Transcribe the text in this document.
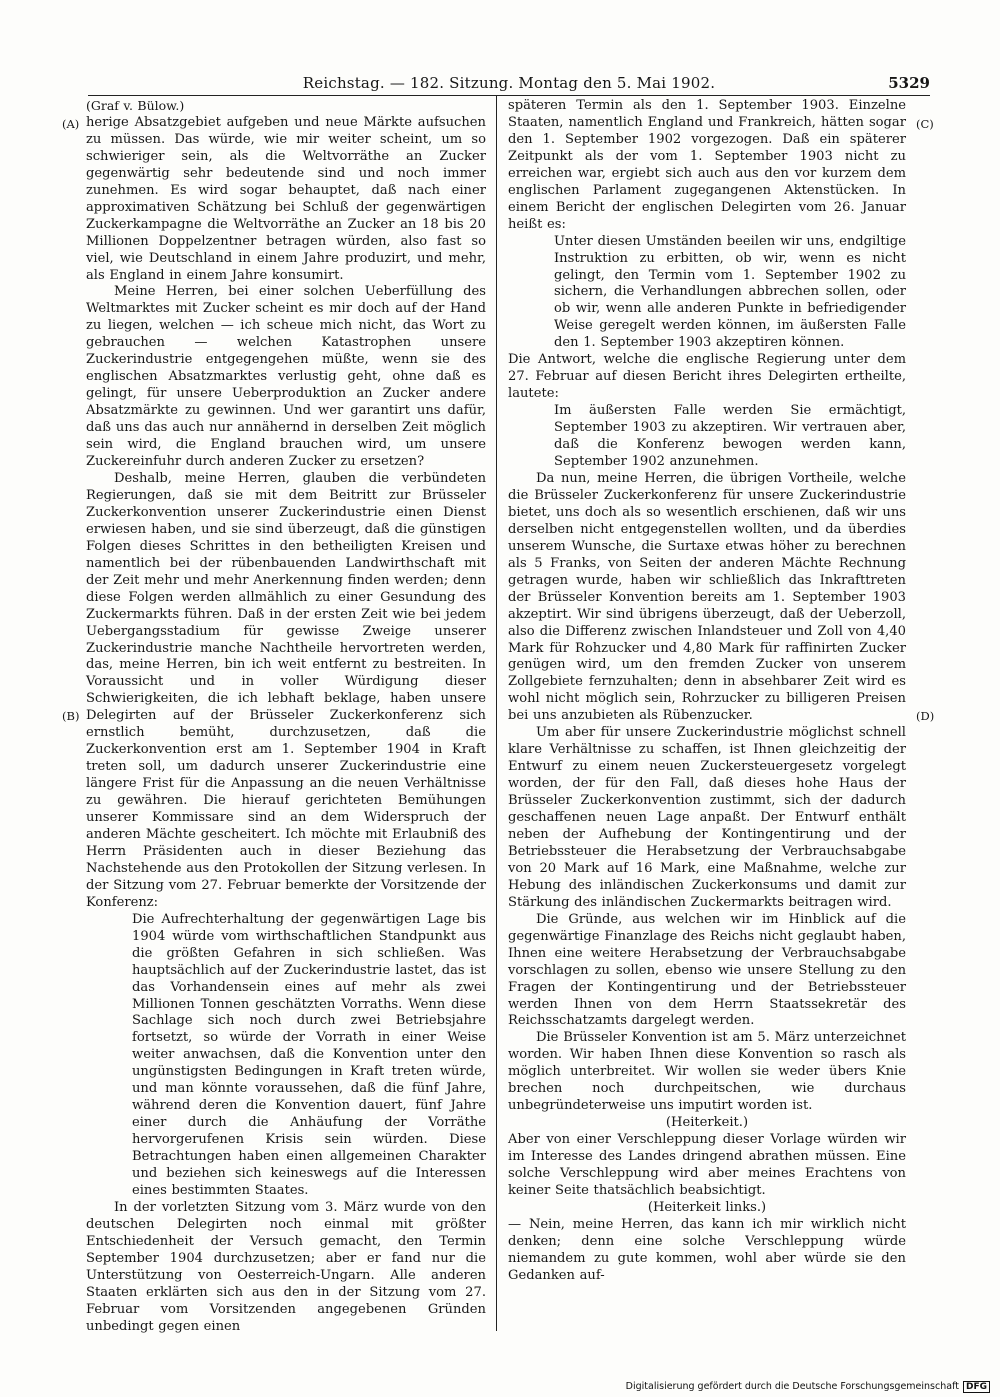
Reichstag. — 182. Sitzung. Montag den 5. Mai 1902.	5329
(A)
(B)
(C)
(D)

(Graf v. Bülow.)

herige Absatzgebiet aufgeben und neue Märkte aufsuchen zu müssen. Das würde, wie mir weiter scheint, um so schwieriger sein, als die Weltvorräthe an Zucker gegenwärtig sehr bedeutende sind und noch immer zunehmen. Es wird sogar behauptet, daß nach einer approximativen Schätzung bei Schluß der gegenwärtigen Zuckerkampagne die Weltvorräthe an Zucker an 18 bis 20 Millionen Doppelzentner betragen würden, also fast so viel, wie Deutschland in einem Jahre produzirt, und mehr, als England in einem Jahre konsumirt.

Meine Herren, bei einer solchen Ueberfüllung des Weltmarktes mit Zucker scheint es mir doch auf der Hand zu liegen, welchen — ich scheue mich nicht, das Wort zu gebrauchen — welchen Katastrophen unsere Zuckerindustrie entgegengehen müßte, wenn sie des englischen Absatzmarktes verlustig geht, ohne daß es gelingt, für unsere Ueberproduktion an Zucker andere Absatzmärkte zu gewinnen. Und wer garantirt uns dafür, daß uns das auch nur annähernd in derselben Zeit möglich sein wird, die England brauchen wird, um unsere Zuckereinfuhr durch anderen Zucker zu ersetzen?

Deshalb, meine Herren, glauben die verbündeten Regierungen, daß sie mit dem Beitritt zur Brüsseler Zuckerkonvention unserer Zuckerindustrie einen Dienst erwiesen haben, und sie sind überzeugt, daß die günstigen Folgen dieses Schrittes in den betheiligten Kreisen und namentlich bei der rübenbauenden Landwirthschaft mit der Zeit mehr und mehr Anerkennung finden werden; denn diese Folgen werden allmählich zu einer Gesundung des Zuckermarkts führen. Daß in der ersten Zeit wie bei jedem Uebergangsstadium für gewisse Zweige unserer Zuckerindustrie manche Nachtheile hervortreten werden, das, meine Herren, bin ich weit entfernt zu bestreiten. In Voraussicht und in voller Würdigung dieser Schwierigkeiten, die ich lebhaft beklage, haben unsere Delegirten auf der Brüsseler Zuckerkonferenz sich ernstlich bemüht, durchzusetzen, daß die Zuckerkonvention erst am 1. September 1904 in Kraft treten soll, um dadurch unserer Zuckerindustrie eine längere Frist für die Anpassung an die neuen Verhältnisse zu gewähren. Die hierauf gerichteten Bemühungen unserer Kommissare sind an dem Widerspruch der anderen Mächte gescheitert. Ich möchte mit Erlaubniß des Herrn Präsidenten auch in dieser Beziehung das Nachstehende aus den Protokollen der Sitzung verlesen. In der Sitzung vom 27. Februar bemerkte der Vorsitzende der Konferenz:

Die Aufrechterhaltung der gegenwärtigen Lage bis 1904 würde vom wirthschaftlichen Standpunkt aus die größten Gefahren in sich schließen. Was hauptsächlich auf der Zuckerindustrie lastet, das ist das Vorhandensein eines auf mehr als zwei Millionen Tonnen geschätzten Vorraths. Wenn diese Sachlage sich noch durch zwei Betriebsjahre fortsetzt, so würde der Vorrath in einer Weise weiter anwachsen, daß die Konvention unter den ungünstigsten Bedingungen in Kraft treten würde, und man könnte voraussehen, daß die fünf Jahre, während deren die Konvention dauert, fünf Jahre einer durch die Anhäufung der Vorräthe hervorgerufenen Krisis sein würden. Diese Betrachtungen haben einen allgemeinen Charakter und beziehen sich keineswegs auf die Interessen eines bestimmten Staates.

In der vorletzten Sitzung vom 3. März wurde von den deutschen Delegirten noch einmal mit größter Entschiedenheit der Versuch gemacht, den Termin September 1904 durchzusetzen; aber er fand nur die Unterstützung von Oesterreich-Ungarn. Alle anderen Staaten erklärten sich aus den in der Sitzung vom 27. Februar vom Vorsitzenden angegebenen Gründen unbedingt gegen einen

späteren Termin als den 1. September 1903. Einzelne Staaten, namentlich England und Frankreich, hätten sogar den 1. September 1902 vorgezogen. Daß ein späterer Zeitpunkt als der vom 1. September 1903 nicht zu erreichen war, ergiebt sich auch aus den vor kurzem dem englischen Parlament zugegangenen Aktenstücken. In einem Bericht der englischen Delegirten vom 26. Januar heißt es:

Unter diesen Umständen beeilen wir uns, endgiltige Instruktion zu erbitten, ob wir, wenn es nicht gelingt, den Termin vom 1. September 1902 zu sichern, die Verhandlungen abbrechen sollen, oder ob wir, wenn alle anderen Punkte in befriedigender Weise geregelt werden können, im äußersten Falle den 1. September 1903 akzeptiren können.

Die Antwort, welche die englische Regierung unter dem 27. Februar auf diesen Bericht ihres Delegirten ertheilte, lautete:

Im äußersten Falle werden Sie ermächtigt, September 1903 zu akzeptiren. Wir vertrauen aber, daß die Konferenz bewogen werden kann, September 1902 anzunehmen.

Da nun, meine Herren, die übrigen Vortheile, welche die Brüsseler Zuckerkonferenz für unsere Zuckerindustrie bietet, uns doch als so wesentlich erschienen, daß wir uns derselben nicht entgegenstellen wollten, und da überdies unserem Wunsche, die Surtaxe etwas höher zu berechnen als 5 Franks, von Seiten der anderen Mächte Rechnung getragen wurde, haben wir schließlich das Inkrafttreten der Brüsseler Konvention bereits am 1. September 1903 akzeptirt. Wir sind übrigens überzeugt, daß der Ueberzoll, also die Differenz zwischen Inlandsteuer und Zoll von 4,40 Mark für Rohzucker und 4,80 Mark für raffinirten Zucker genügen wird, um den fremden Zucker von unserem Zollgebiete fernzuhalten; denn in absehbarer Zeit wird es wohl nicht möglich sein, Rohrzucker zu billigeren Preisen bei uns anzubieten als Rübenzucker.

Um aber für unsere Zuckerindustrie möglichst schnell klare Verhältnisse zu schaffen, ist Ihnen gleichzeitig der Entwurf zu einem neuen Zuckersteuergesetz vorgelegt worden, der für den Fall, daß dieses hohe Haus der Brüsseler Zuckerkonvention zustimmt, sich der dadurch geschaffenen neuen Lage anpaßt. Der Entwurf enthält neben der Aufhebung der Kontingentirung und der Betriebssteuer die Herabsetzung der Verbrauchsabgabe von 20 Mark auf 16 Mark, eine Maßnahme, welche zur Hebung des inländischen Zuckerkonsums und damit zur Stärkung des inländischen Zuckermarkts beitragen wird.

Die Gründe, aus welchen wir im Hinblick auf die gegenwärtige Finanzlage des Reichs nicht geglaubt haben, Ihnen eine weitere Herabsetzung der Verbrauchsabgabe vorschlagen zu sollen, ebenso wie unsere Stellung zu den Fragen der Kontingentirung und der Betriebssteuer werden Ihnen von dem Herrn Staatssekretär des Reichsschatzamts dargelegt werden.

Die Brüsseler Konvention ist am 5. März unterzeichnet worden. Wir haben Ihnen diese Konvention so rasch als möglich unterbreitet. Wir wollen sie weder übers Knie brechen noch durchpeitschen, wie durchaus unbegründeterweise uns imputirt worden ist.

(Heiterkeit.)

Aber von einer Verschleppung dieser Vorlage würden wir im Interesse des Landes dringend abrathen müssen. Eine solche Verschleppung wird aber meines Erachtens von keiner Seite thatsächlich beabsichtigt.

(Heiterkeit links.)

— Nein, meine Herren, das kann ich mir wirklich nicht denken; denn eine solche Verschleppung würde niemandem zu gute kommen, wohl aber würde sie den Gedanken auf-

Digitalisierung gefördert durch die Deutsche Forschungsgemeinschaft DFG
